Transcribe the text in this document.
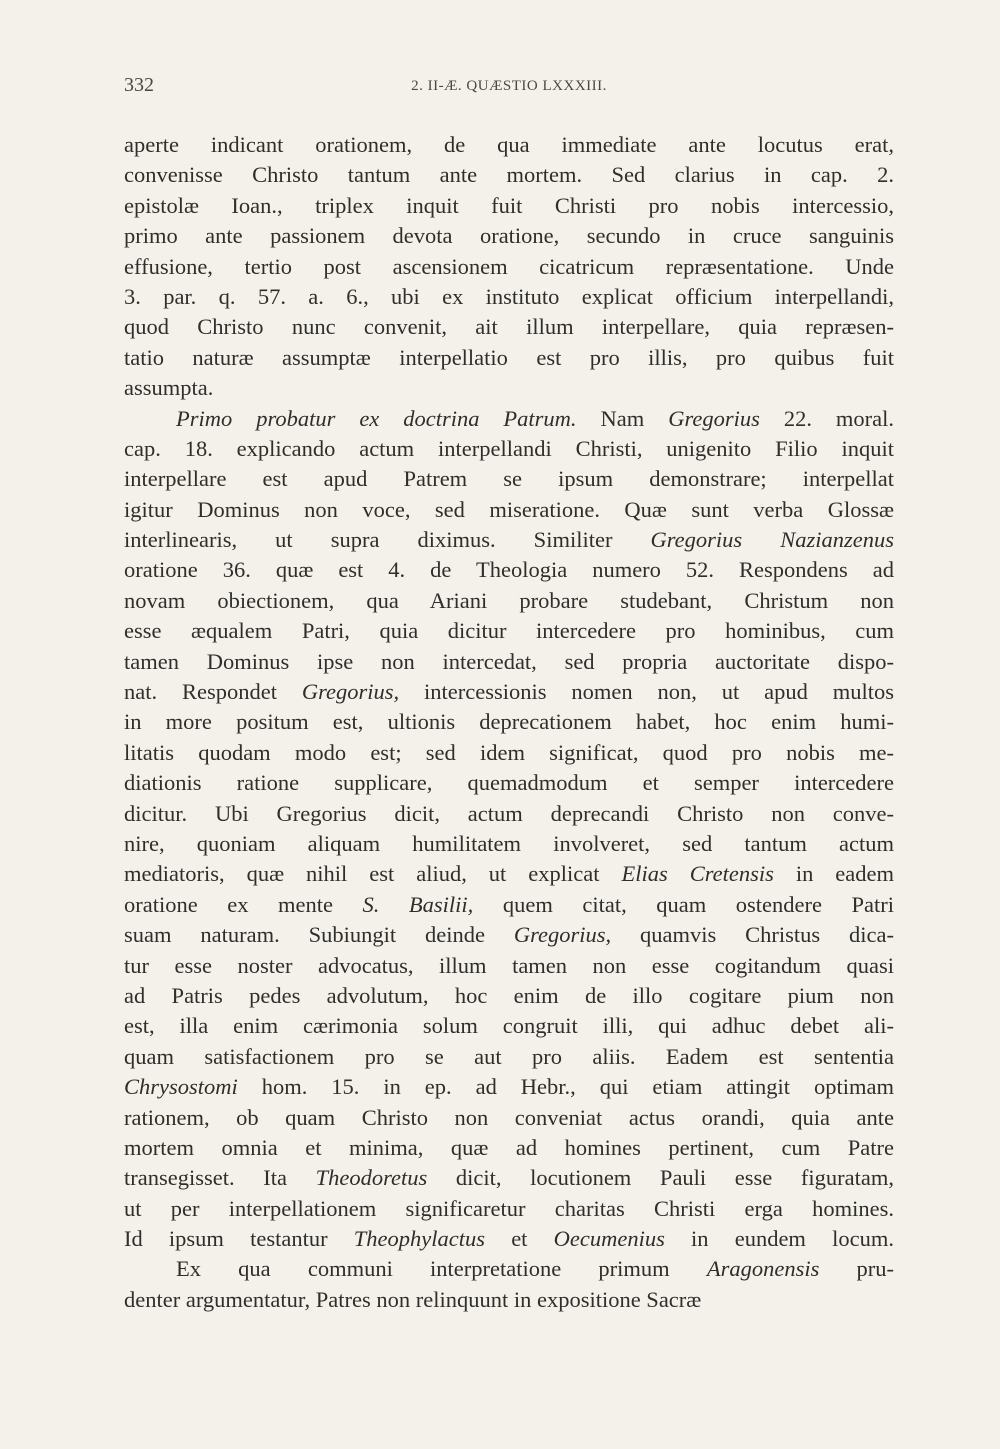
332	2. II-Æ. QUÆSTIO LXXXIII.
aperte indicant orationem, de qua immediate ante locutus erat,
convenisse Christo tantum ante mortem. Sed clarius in cap. 2.
epistolæ Ioan., triplex inquit fuit Christi pro nobis intercessio,
primo ante passionem devota oratione, secundo in cruce sanguinis
effusione, tertio post ascensionem cicatricum repræsentatione. Unde
3. par. q. 57. a. 6., ubi ex instituto explicat officium interpellandi,
quod Christo nunc convenit, ait illum interpellare, quia repræsen-
tatio naturæ assumptæ interpellatio est pro illis, pro quibus fuit
assumpta.
Primo probatur ex doctrina Patrum. Nam Gregorius 22. moral.
cap. 18. explicando actum interpellandi Christi, unigenito Filio inquit
interpellare est apud Patrem se ipsum demonstrare; interpellat
igitur Dominus non voce, sed miseratione. Quæ sunt verba Glossæ
interlinearis, ut supra diximus. Similiter Gregorius Nazianzenus
oratione 36. quæ est 4. de Theologia numero 52. Respondens ad
novam obiectionem, qua Ariani probare studebant, Christum non
esse æqualem Patri, quia dicitur intercedere pro hominibus, cum
tamen Dominus ipse non intercedat, sed propria auctoritate dispo-
nat. Respondet Gregorius, intercessionis nomen non, ut apud multos
in more positum est, ultionis deprecationem habet, hoc enim humi-
litatis quodam modo est; sed idem significat, quod pro nobis me-
diationis ratione supplicare, quemadmodum et semper intercedere
dicitur. Ubi Gregorius dicit, actum deprecandi Christo non conve-
nire, quoniam aliquam humilitatem involveret, sed tantum actum
mediatoris, quæ nihil est aliud, ut explicat Elias Cretensis in eadem
oratione ex mente S. Basilii, quem citat, quam ostendere Patri
suam naturam. Subiungit deinde Gregorius, quamvis Christus dica-
tur esse noster advocatus, illum tamen non esse cogitandum quasi
ad Patris pedes advolutum, hoc enim de illo cogitare pium non
est, illa enim cærimonia solum congruit illi, qui adhuc debet ali-
quam satisfactionem pro se aut pro aliis. Eadem est sententia
Chrysostomi hom. 15. in ep. ad Hebr., qui etiam attingit optimam
rationem, ob quam Christo non conveniat actus orandi, quia ante
mortem omnia et minima, quæ ad homines pertinent, cum Patre
transegisset. Ita Theodoretus dicit, locutionem Pauli esse figuratam,
ut per interpellationem significaretur charitas Christi erga homines.
Id ipsum testantur Theophylactus et Oecumenius in eundem locum.
Ex qua communi interpretatione primum Aragonensis pru-
denter argumentatur, Patres non relinquunt in expositione Sacræ
